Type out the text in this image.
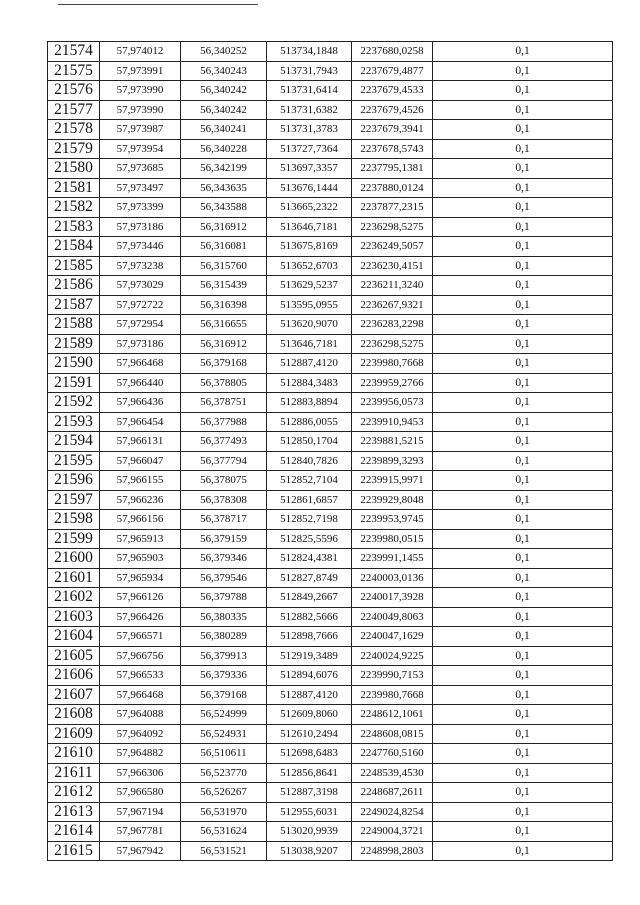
21574	57,974012	56,340252	513734,1848	2237680,0258	0,1
21575	57,973991	56,340243	513731,7943	2237679,4877	0,1
21576	57,973990	56,340242	513731,6414	2237679,4533	0,1
21577	57,973990	56,340242	513731,6382	2237679,4526	0,1
21578	57,973987	56,340241	513731,3783	2237679,3941	0,1
21579	57,973954	56,340228	513727,7364	2237678,5743	0,1
21580	57,973685	56,342199	513697,3357	2237795,1381	0,1
21581	57,973497	56,343635	513676,1444	2237880,0124	0,1
21582	57,973399	56,343588	513665,2322	2237877,2315	0,1
21583	57,973186	56,316912	513646,7181	2236298,5275	0,1
21584	57,973446	56,316081	513675,8169	2236249,5057	0,1
21585	57,973238	56,315760	513652,6703	2236230,4151	0,1
21586	57,973029	56,315439	513629,5237	2236211,3240	0,1
21587	57,972722	56,316398	513595,0955	2236267,9321	0,1
21588	57,972954	56,316655	513620,9070	2236283,2298	0,1
21589	57,973186	56,316912	513646,7181	2236298,5275	0,1
21590	57,966468	56,379168	512887,4120	2239980,7668	0,1
21591	57,966440	56,378805	512884,3483	2239959,2766	0,1
21592	57,966436	56,378751	512883,8894	2239956,0573	0,1
21593	57,966454	56,377988	512886,0055	2239910,9453	0,1
21594	57,966131	56,377493	512850,1704	2239881,5215	0,1
21595	57,966047	56,377794	512840,7826	2239899,3293	0,1
21596	57,966155	56,378075	512852,7104	2239915,9971	0,1
21597	57,966236	56,378308	512861,6857	2239929,8048	0,1
21598	57,966156	56,378717	512852,7198	2239953,9745	0,1
21599	57,965913	56,379159	512825,5596	2239980,0515	0,1
21600	57,965903	56,379346	512824,4381	2239991,1455	0,1
21601	57,965934	56,379546	512827,8749	2240003,0136	0,1
21602	57,966126	56,379788	512849,2667	2240017,3928	0,1
21603	57,966426	56,380335	512882,5666	2240049,8063	0,1
21604	57,966571	56,380289	512898,7666	2240047,1629	0,1
21605	57,966756	56,379913	512919,3489	2240024,9225	0,1
21606	57,966533	56,379336	512894,6076	2239990,7153	0,1
21607	57,966468	56,379168	512887,4120	2239980,7668	0,1
21608	57,964088	56,524999	512609,8060	2248612,1061	0,1
21609	57,964092	56,524931	512610,2494	2248608,0815	0,1
21610	57,964882	56,510611	512698,6483	2247760,5160	0,1
21611	57,966306	56,523770	512856,8641	2248539,4530	0,1
21612	57,966580	56,526267	512887,3198	2248687,2611	0,1
21613	57,967194	56,531970	512955,6031	2249024,8254	0,1
21614	57,967781	56,531624	513020,9939	2249004,3721	0,1
21615	57,967942	56,531521	513038,9207	2248998,2803	0,1
